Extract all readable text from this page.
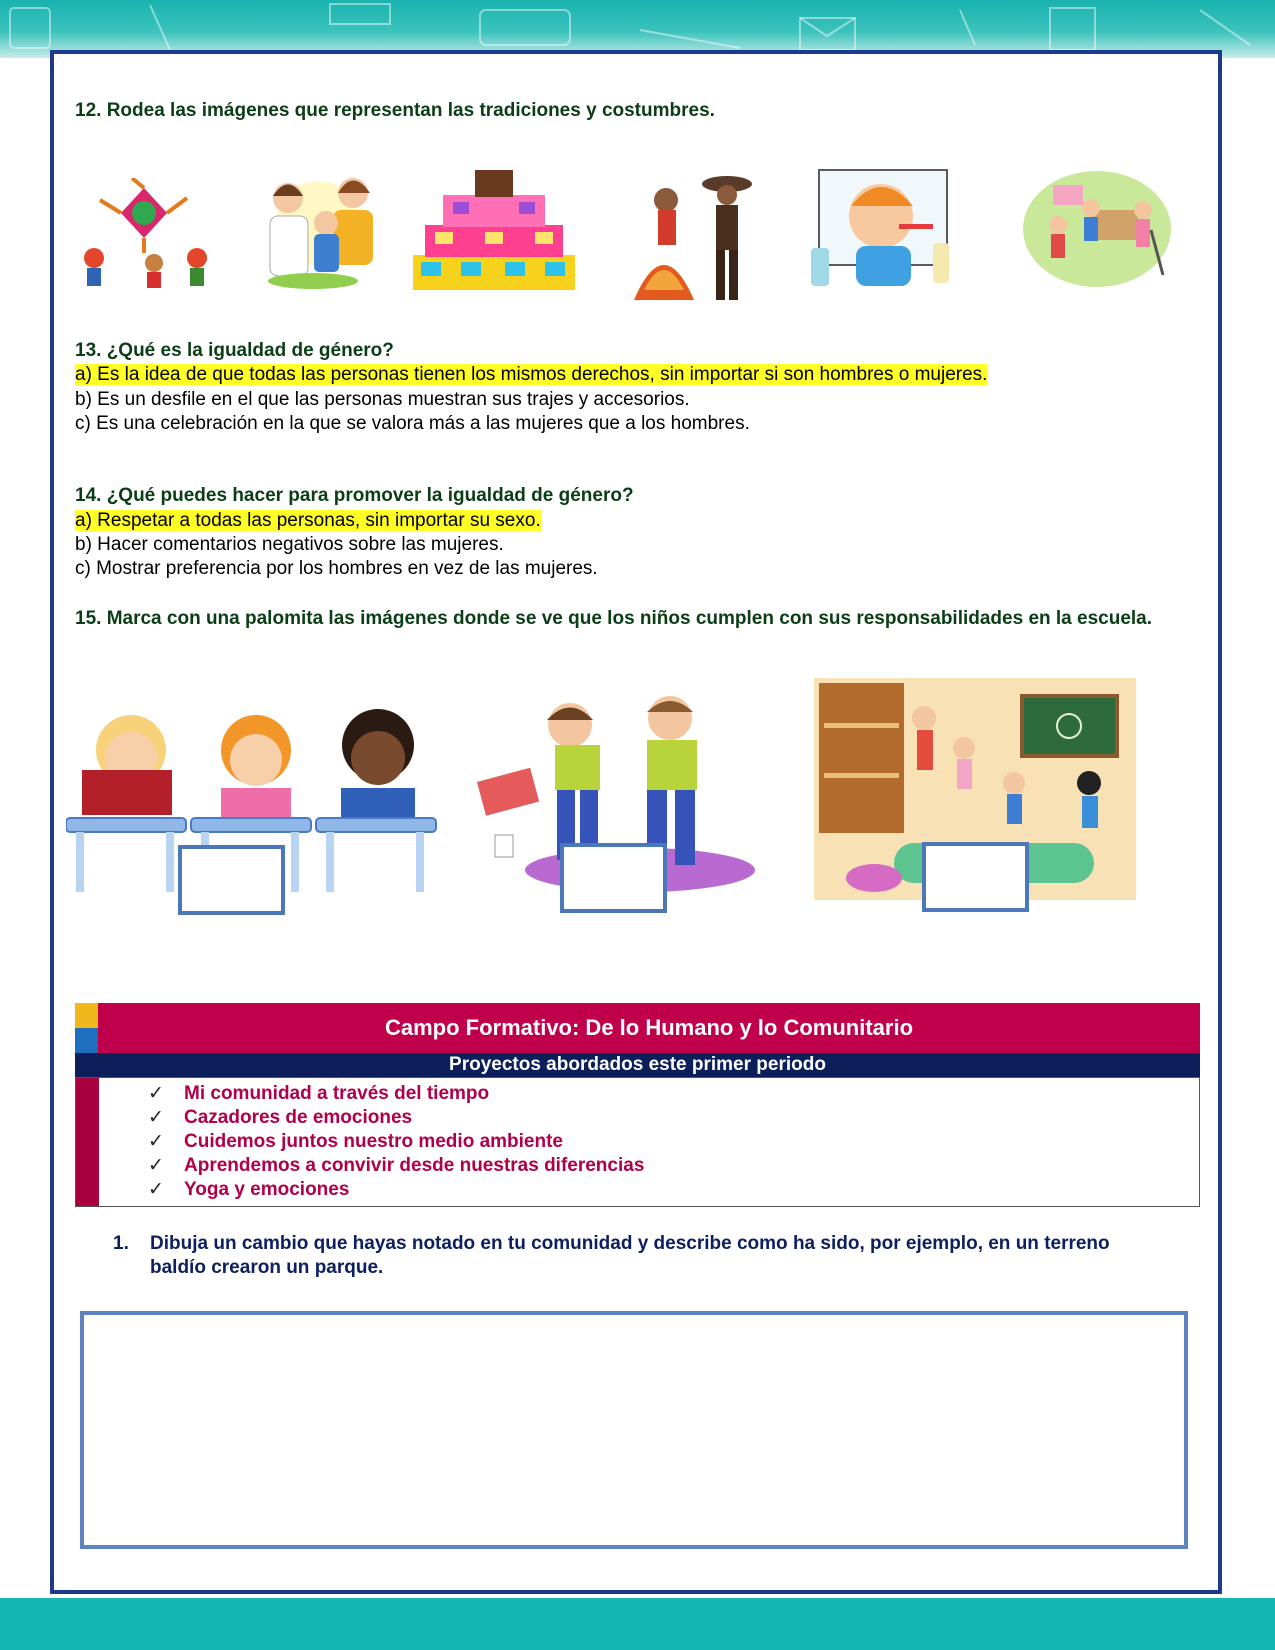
12. Rodea las imágenes que representan las tradiciones y costumbres.
13. ¿Qué es la igualdad de género?
a) Es la idea de que todas las personas tienen los mismos derechos, sin importar si son hombres o mujeres.
b) Es un desfile en el que las personas muestran sus trajes y accesorios.
c) Es una celebración en la que se valora más a las mujeres que a los hombres.
14. ¿Qué puedes hacer para promover la igualdad de género?
a) Respetar a todas las personas, sin importar su sexo.
b) Hacer comentarios negativos sobre las mujeres.
c) Mostrar preferencia por los hombres en vez de las mujeres.
15. Marca con una palomita las imágenes donde se ve que los niños cumplen con sus responsabilidades en la escuela.
Campo Formativo: De lo Humano y lo Comunitario
Proyectos abordados este primer periodo
✓ Mi comunidad a través del tiempo
✓ Cazadores de emociones
✓ Cuidemos juntos nuestro medio ambiente
✓ Aprendemos a convivir desde nuestras diferencias
✓ Yoga y emociones
1. Dibuja un cambio que hayas notado en tu comunidad y describe como ha sido, por ejemplo, en un terreno baldío crearon un parque.
